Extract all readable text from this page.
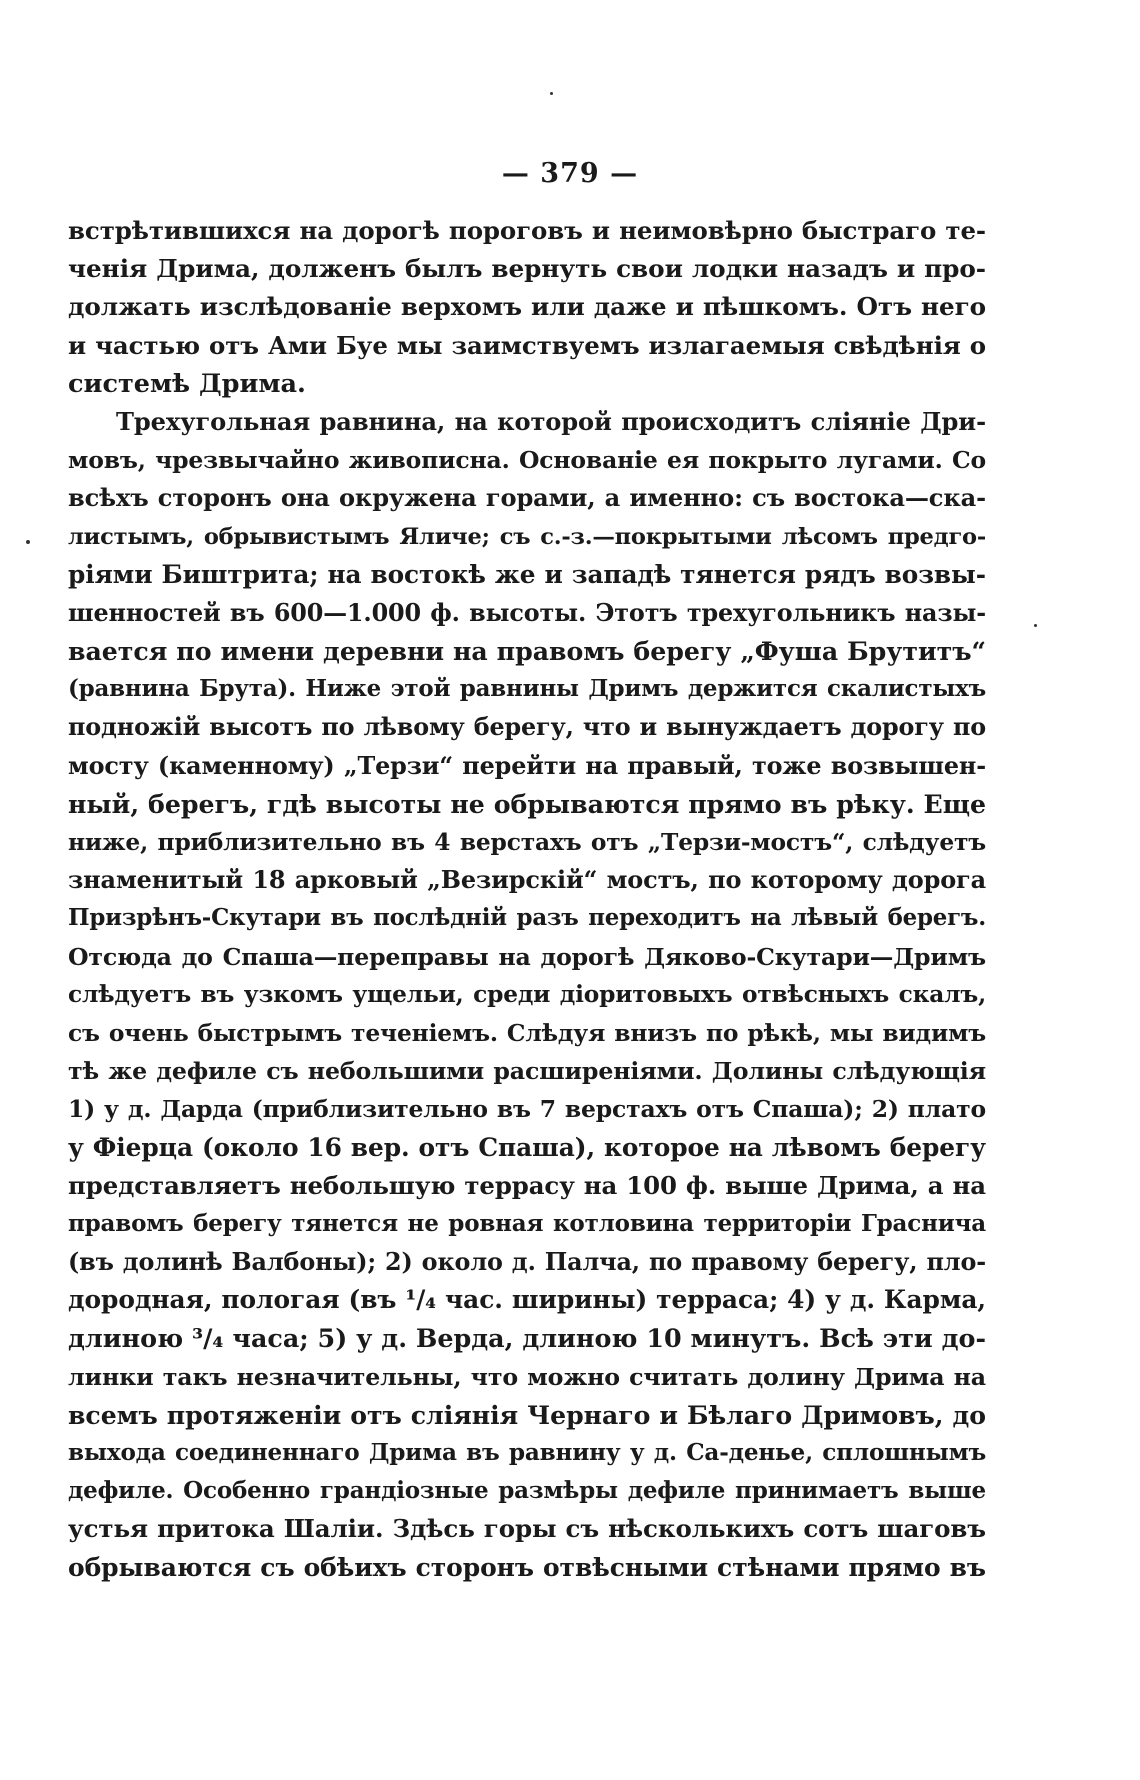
— 379 —
встрѣтившихся на дорогѣ пороговъ и неимовѣрно быстраго те-
ченія Дрима, долженъ былъ вернуть свои лодки назадъ и про-
должать изслѣдованіе верхомъ или даже и пѣшкомъ. Отъ него
и частью отъ Ами Буе мы заимствуемъ излагаемыя свѣдѣнія о
системѣ Дрима.
Трехугольная равнина, на которой происходитъ сліяніе Дри-
мовъ, чрезвычайно живописна. Основаніе ея покрыто лугами. Со
всѣхъ сторонъ она окружена горами, а именно: съ востока—ска-
листымъ, обрывистымъ Яличе; съ с.-з.—покрытыми лѣсомъ предго-
ріями Биштрита; на востокѣ же и западѣ тянется рядъ возвы-
шенностей въ 600—1.000 ф. высоты. Этотъ трехугольникъ назы-
вается по имени деревни на правомъ берегу „Фуша Брутитъ“
(равнина Брута). Ниже этой равнины Дримъ держится скалистыхъ
подножій высотъ по лѣвому берегу, что и вынуждаетъ дорогу по
мосту (каменному) „Терзи“ перейти на правый, тоже возвышен-
ный, берегъ, гдѣ высоты не обрываются прямо въ рѣку. Еще
ниже, приблизительно въ 4 верстахъ отъ „Терзи-мостъ“, слѣдуетъ
знаменитый 18 арковый „Везирскій“ мостъ, по которому дорога
Призрѣнъ-Скутари въ послѣдній разъ переходитъ на лѣвый берегъ.
Отсюда до Спаша—переправы на дорогѣ Дяково-Скутари—Дримъ
слѣдуетъ въ узкомъ ущельи, среди діоритовыхъ отвѣсныхъ скалъ,
съ очень быстрымъ теченіемъ. Слѣдуя внизъ по рѣкѣ, мы видимъ
тѣ же дефиле съ небольшими расширеніями. Долины слѣдующія
1) у д. Дарда (приблизительно въ 7 верстахъ отъ Спаша); 2) плато
у Фіерца (около 16 вер. отъ Спаша), которое на лѣвомъ берегу
представляетъ небольшую террасу на 100 ф. выше Дрима, а на
правомъ берегу тянется не ровная котловина территоріи Граснича
(въ долинѣ Валбоны); 2) около д. Палча, по правому берегу, пло-
дородная, пологая (въ ¹/₄ час. ширины) терраса; 4) у д. Карма,
длиною ³/₄ часа; 5) у д. Верда, длиною 10 минутъ. Всѣ эти до-
линки такъ незначительны, что можно считать долину Дрима на
всемъ протяженіи отъ сліянія Чернаго и Бѣлаго Дримовъ, до
выхода соединеннаго Дрима въ равнину у д. Са-деньe, сплошнымъ
дефиле. Особенно грандіозные размѣры дефиле принимаетъ выше
устья притока Шаліи. Здѣсь горы съ нѣсколькихъ сотъ шаговъ
обрываются съ обѣихъ сторонъ отвѣсными стѣнами прямо въ
